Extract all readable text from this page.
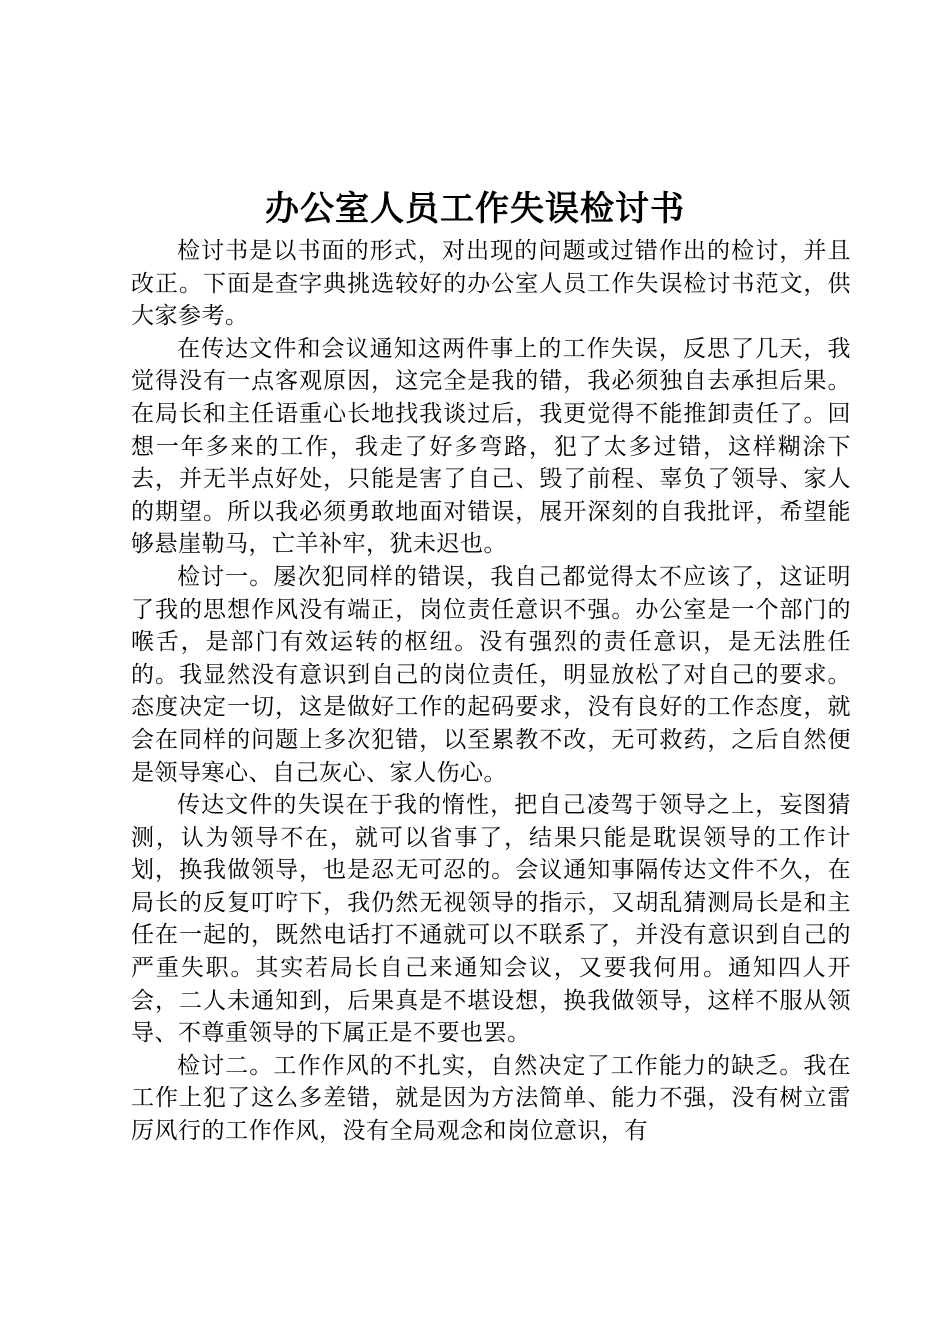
办公室人员工作失误检讨书

检讨书是以书面的形式，对出现的问题或过错作出的检讨，并且改正。下面是查字典挑选较好的办公室人员工作失误检讨书范文，供大家参考。

在传达文件和会议通知这两件事上的工作失误，反思了几天，我觉得没有一点客观原因，这完全是我的错，我必须独自去承担后果。在局长和主任语重心长地找我谈过后，我更觉得不能推卸责任了。回想一年多来的工作，我走了好多弯路，犯了太多过错，这样糊涂下去，并无半点好处，只能是害了自己、毁了前程、辜负了领导、家人的期望。所以我必须勇敢地面对错误，展开深刻的自我批评，希望能够悬崖勒马，亡羊补牢，犹未迟也。

检讨一。屡次犯同样的错误，我自己都觉得太不应该了，这证明了我的思想作风没有端正，岗位责任意识不强。办公室是一个部门的喉舌，是部门有效运转的枢纽。没有强烈的责任意识，是无法胜任的。我显然没有意识到自己的岗位责任，明显放松了对自己的要求。态度决定一切，这是做好工作的起码要求，没有良好的工作态度，就会在同样的问题上多次犯错，以至累教不改，无可救药，之后自然便是领导寒心、自己灰心、家人伤心。

传达文件的失误在于我的惰性，把自己凌驾于领导之上，妄图猜测，认为领导不在，就可以省事了，结果只能是耽误领导的工作计划，换我做领导，也是忍无可忍的。会议通知事隔传达文件不久，在局长的反复叮咛下，我仍然无视领导的指示，又胡乱猜测局长是和主任在一起的，既然电话打不通就可以不联系了，并没有意识到自己的严重失职。其实若局长自己来通知会议，又要我何用。通知四人开会，二人未通知到，后果真是不堪设想，换我做领导，这样不服从领导、不尊重领导的下属正是不要也罢。

检讨二。工作作风的不扎实，自然决定了工作能力的缺乏。我在工作上犯了这么多差错，就是因为方法简单、能力不强，没有树立雷厉风行的工作作风，没有全局观念和岗位意识，有
